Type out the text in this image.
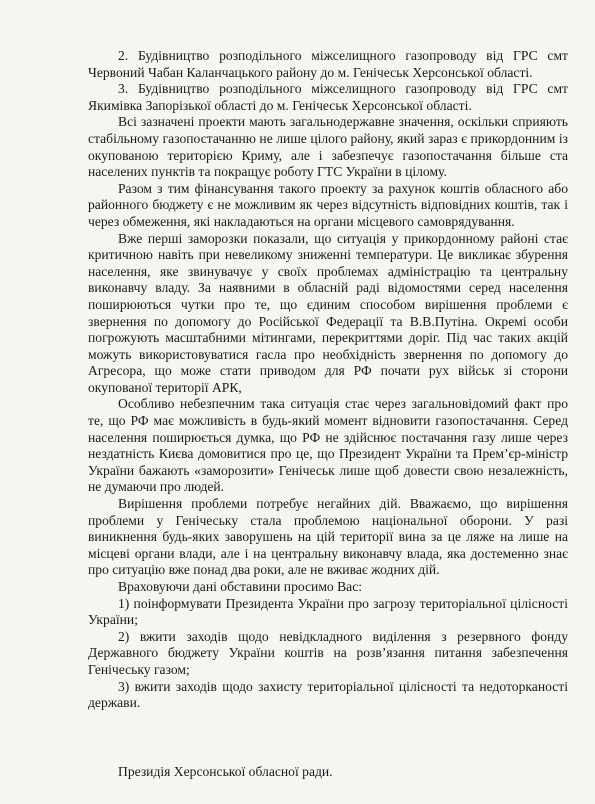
2. Будівництво розподільного міжселищного газопроводу від ГРС смт Червоний Чабан Каланчацького району до м. Генічеськ Херсонської області.

3. Будівництво розподільного міжселищного газопроводу від ГРС смт Якимівка Запорізької області до м. Генічеськ Херсонської області.

Всі зазначені проекти мають загальнодержавне значення, оскільки сприяють стабільному газопостачанню не лише цілого району, який зараз є прикордонним із окупованою територією Криму, але і забезпечує газопостачання більше ста населених пунктів та покращує роботу ГТС України в цілому.

Разом з тим фінансування такого проекту за рахунок коштів обласного або районного бюджету є не можливим як через відсутність відповідних коштів, так і через обмеження, які накладаються на органи місцевого самоврядування.

Вже перші заморозки показали, що ситуація у прикордонному районі стає критичною навіть при невеликому зниженні температури. Це викликає збурення населення, яке звинувачує у своїх проблемах адміністрацію та центральну виконавчу владу. За наявними в обласній раді відомостями серед населення поширюються чутки про те, що єдиним способом вирішення проблеми є звернення по допомогу до Російської Федерації та В.В.Путіна. Окремі особи погрожують масштабними мітингами, перекриттями доріг. Під час таких акцій можуть використовуватися гасла про необхідність звернення по допомогу до Агресора, що може стати приводом для РФ почати рух військ зі сторони окупованої території АРК,

Особливо небезпечним така ситуація стає через загальновідомий факт про те, що РФ має можливість в будь-який момент відновити газопостачання. Серед населення поширюється думка, що РФ не здійснює постачання газу лише через нездатність Києва домовитися про це, що Президент України та Прем’єр-міністр України бажають «заморозити» Генічеськ лише щоб довести свою незалежність, не думаючи про людей.

Вирішення проблеми потребує негайних дій. Вважаємо, що вирішення проблеми у Генічеську стала проблемою національної оборони. У разі виникнення будь-яких заворушень на цій території вина за це ляже на лише на місцеві органи влади, але і на центральну виконавчу влада, яка достеменно знає про ситуацію вже понад два роки, але не вживає жодних дій.

Враховуючи дані обставини просимо Вас:

1) поінформувати Президента України про загрозу територіальної цілісності України;

2) вжити заходів щодо невідкладного виділення з резервного фонду Державного бюджету України коштів на розв’язання питання забезпечення Генічеську газом;

3) вжити заходів щодо захисту територіальної цілісності та недоторканості держави.

Президія Херсонської обласної ради.
